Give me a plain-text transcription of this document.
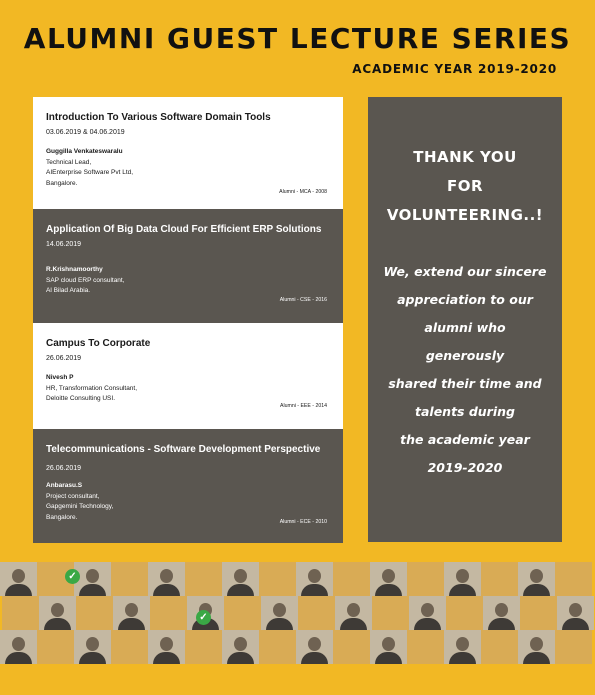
ALUMNI GUEST LECTURE SERIES
ACADEMIC YEAR 2019-2020
Introduction To Various Software Domain Tools
03.06.2019 & 04.06.2019
Guggilla Venkateswaralu
Technical Lead,
AIEnterprise Software Pvt Ltd,
Bangalore.
Alumni - MCA - 2008
Application Of Big Data Cloud For Efficient ERP Solutions
14.06.2019
R.Krishnamoorthy
SAP cloud ERP consultant,
Al Bilad Arabia.
Alumni - CSE - 2016
Campus To Corporate
26.06.2019
Nivesh P
HR, Transformation Consultant,
Deloitte Consulting USI.
Alumni - EEE - 2014
Telecommunications - Software Development Perspective
26.06.2019
Anbarasu.S
Project consultant,
Gapgemini Technology,
Bangalore.
Alumni - ECE - 2010
THANK YOU
FOR
VOLUNTEERING..!
We, extend our sincere
appreciation to our
alumni who
generously
shared their time and
talents during
the academic year
2019-2020
✓
✓
